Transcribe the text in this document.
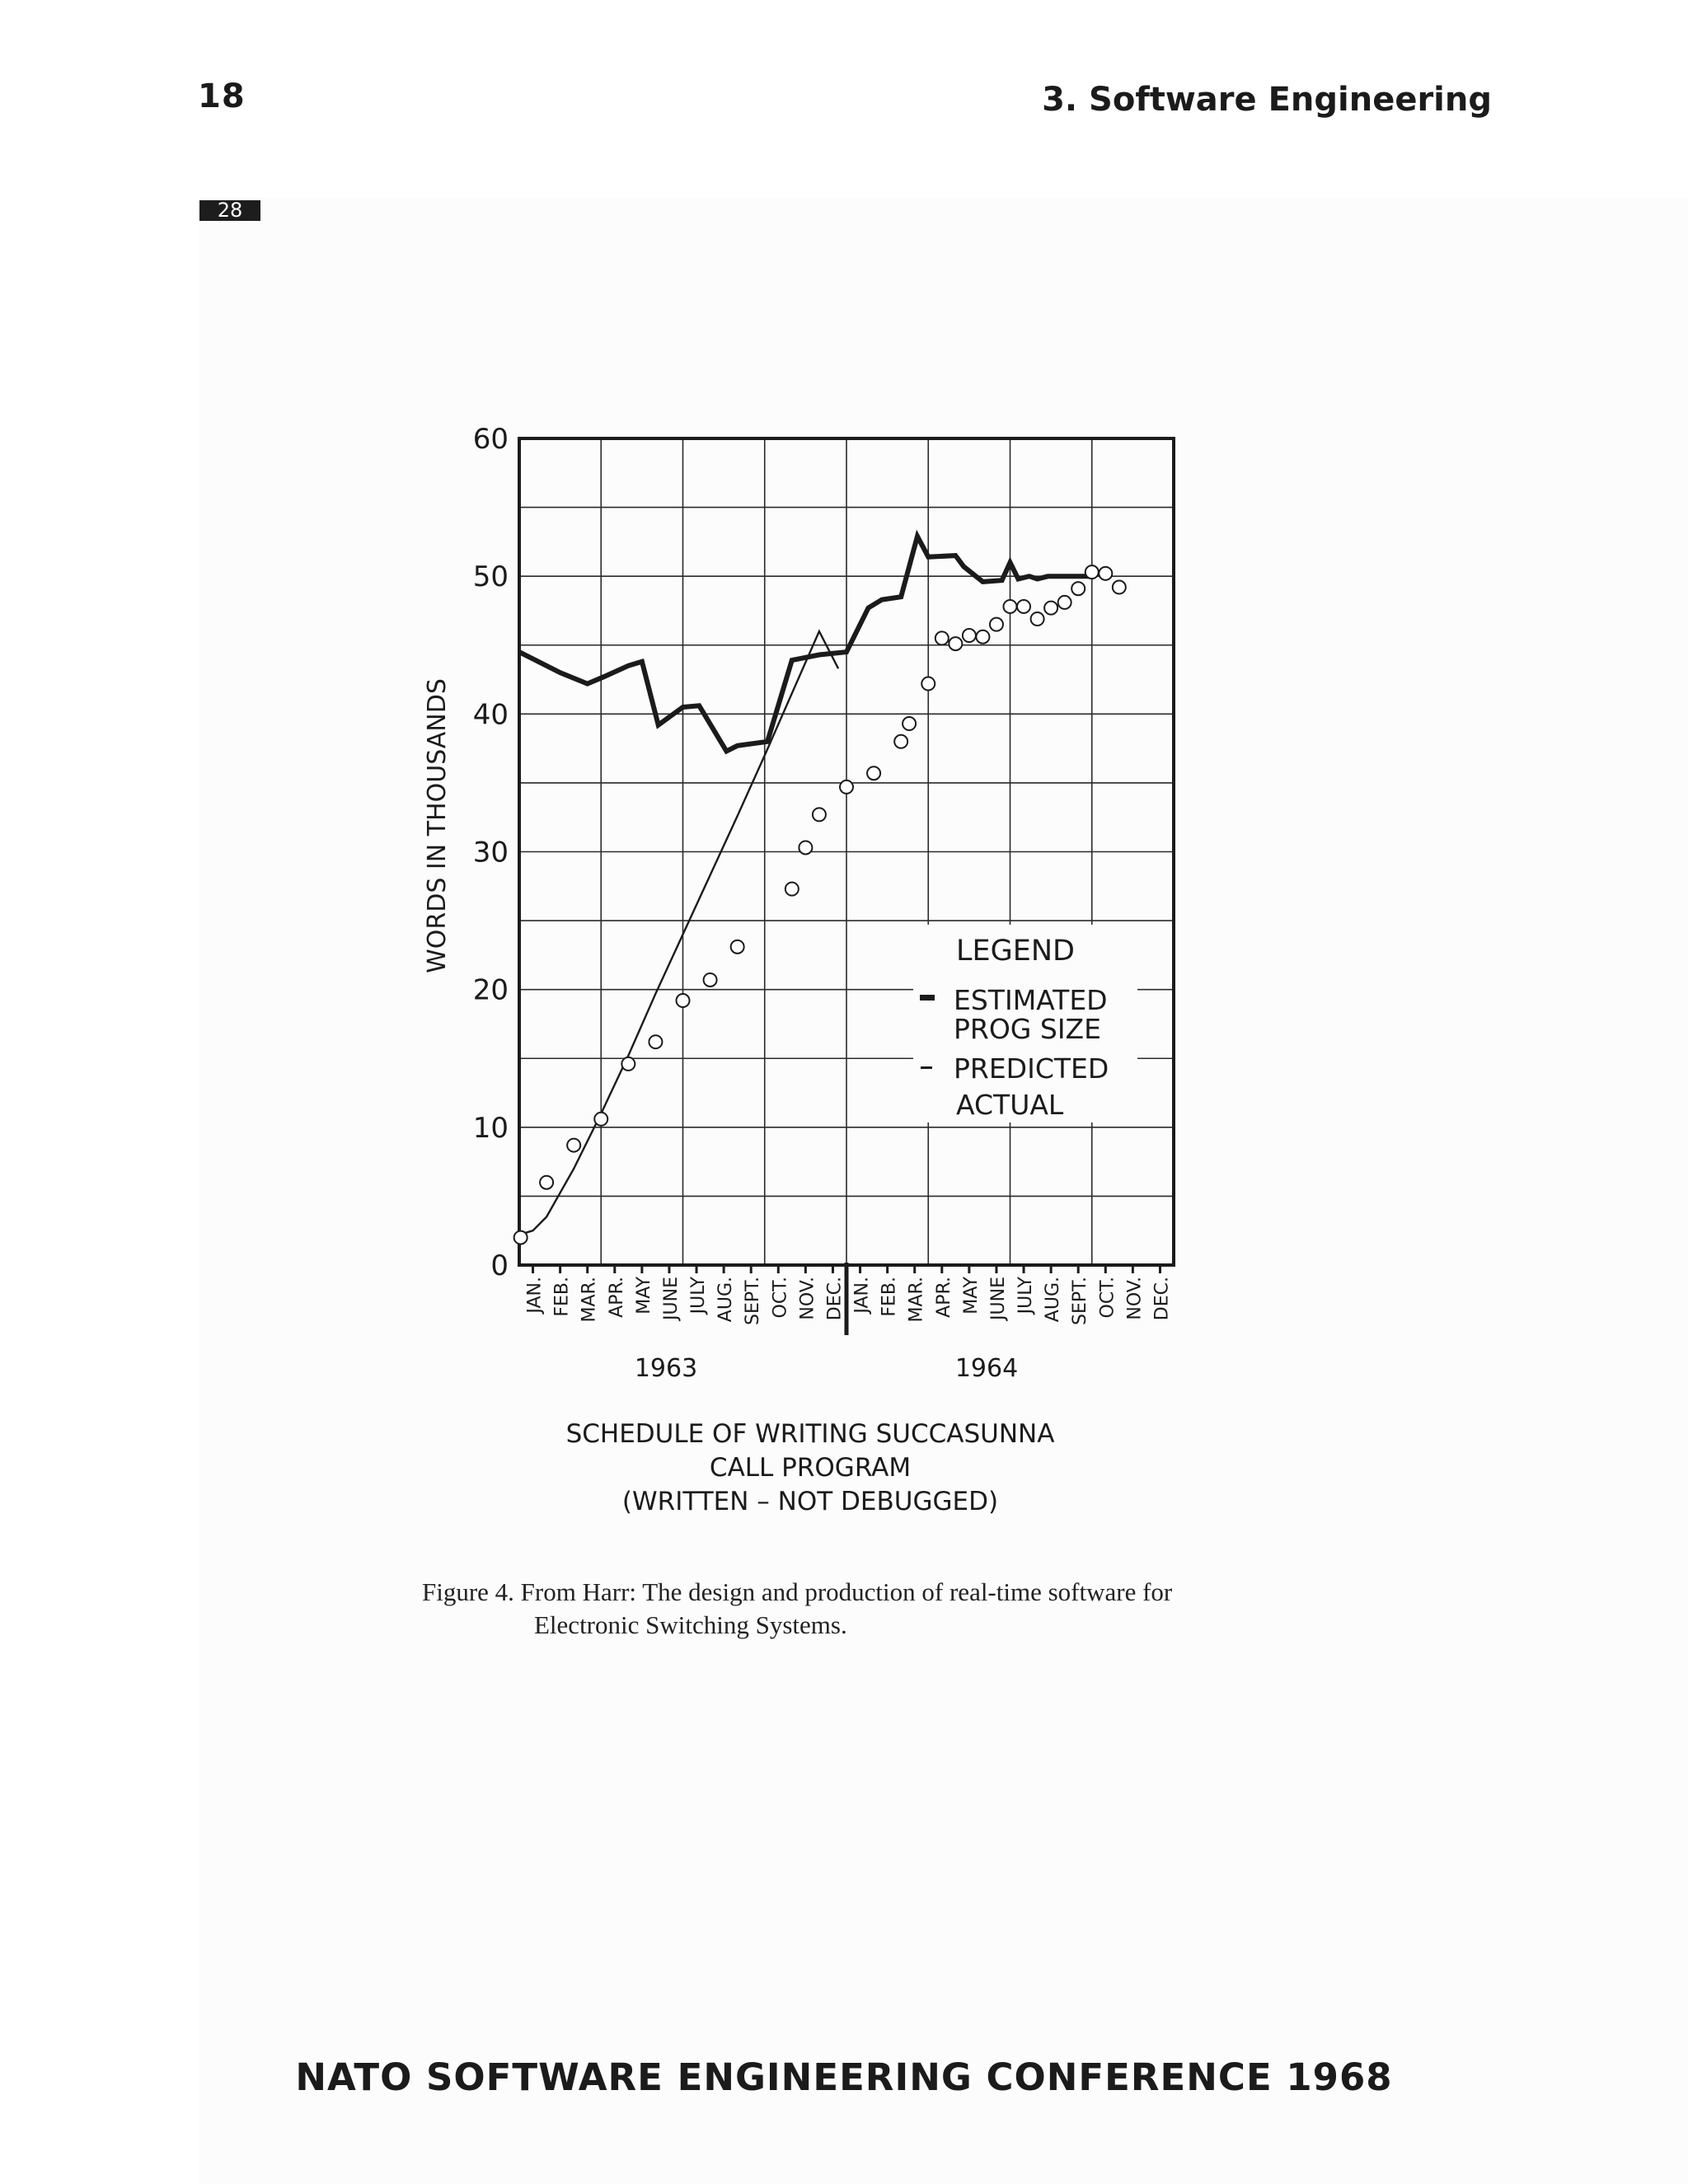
18	3. Software Engineering
28
0
10
20
30
40
50
60
JAN. FEB. MAR. APR. MAY JUNE JULY AUG. SEPT. OCT. NOV. DEC. JAN. FEB. MAR. APR. MAY JUNE JULY AUG. SEPT. OCT. NOV. DEC.
LEGEND
ESTIMATED
PROG SIZE
PREDICTED
ACTUAL
WORDS IN THOUSANDS
1963	1964
SCHEDULE OF WRITING SUCCASUNNA
CALL PROGRAM
(WRITTEN – NOT DEBUGGED)
Figure 4. From Harr: The design and production of real-time software for
Electronic Switching Systems.
NATO SOFTWARE ENGINEERING CONFERENCE 1968
